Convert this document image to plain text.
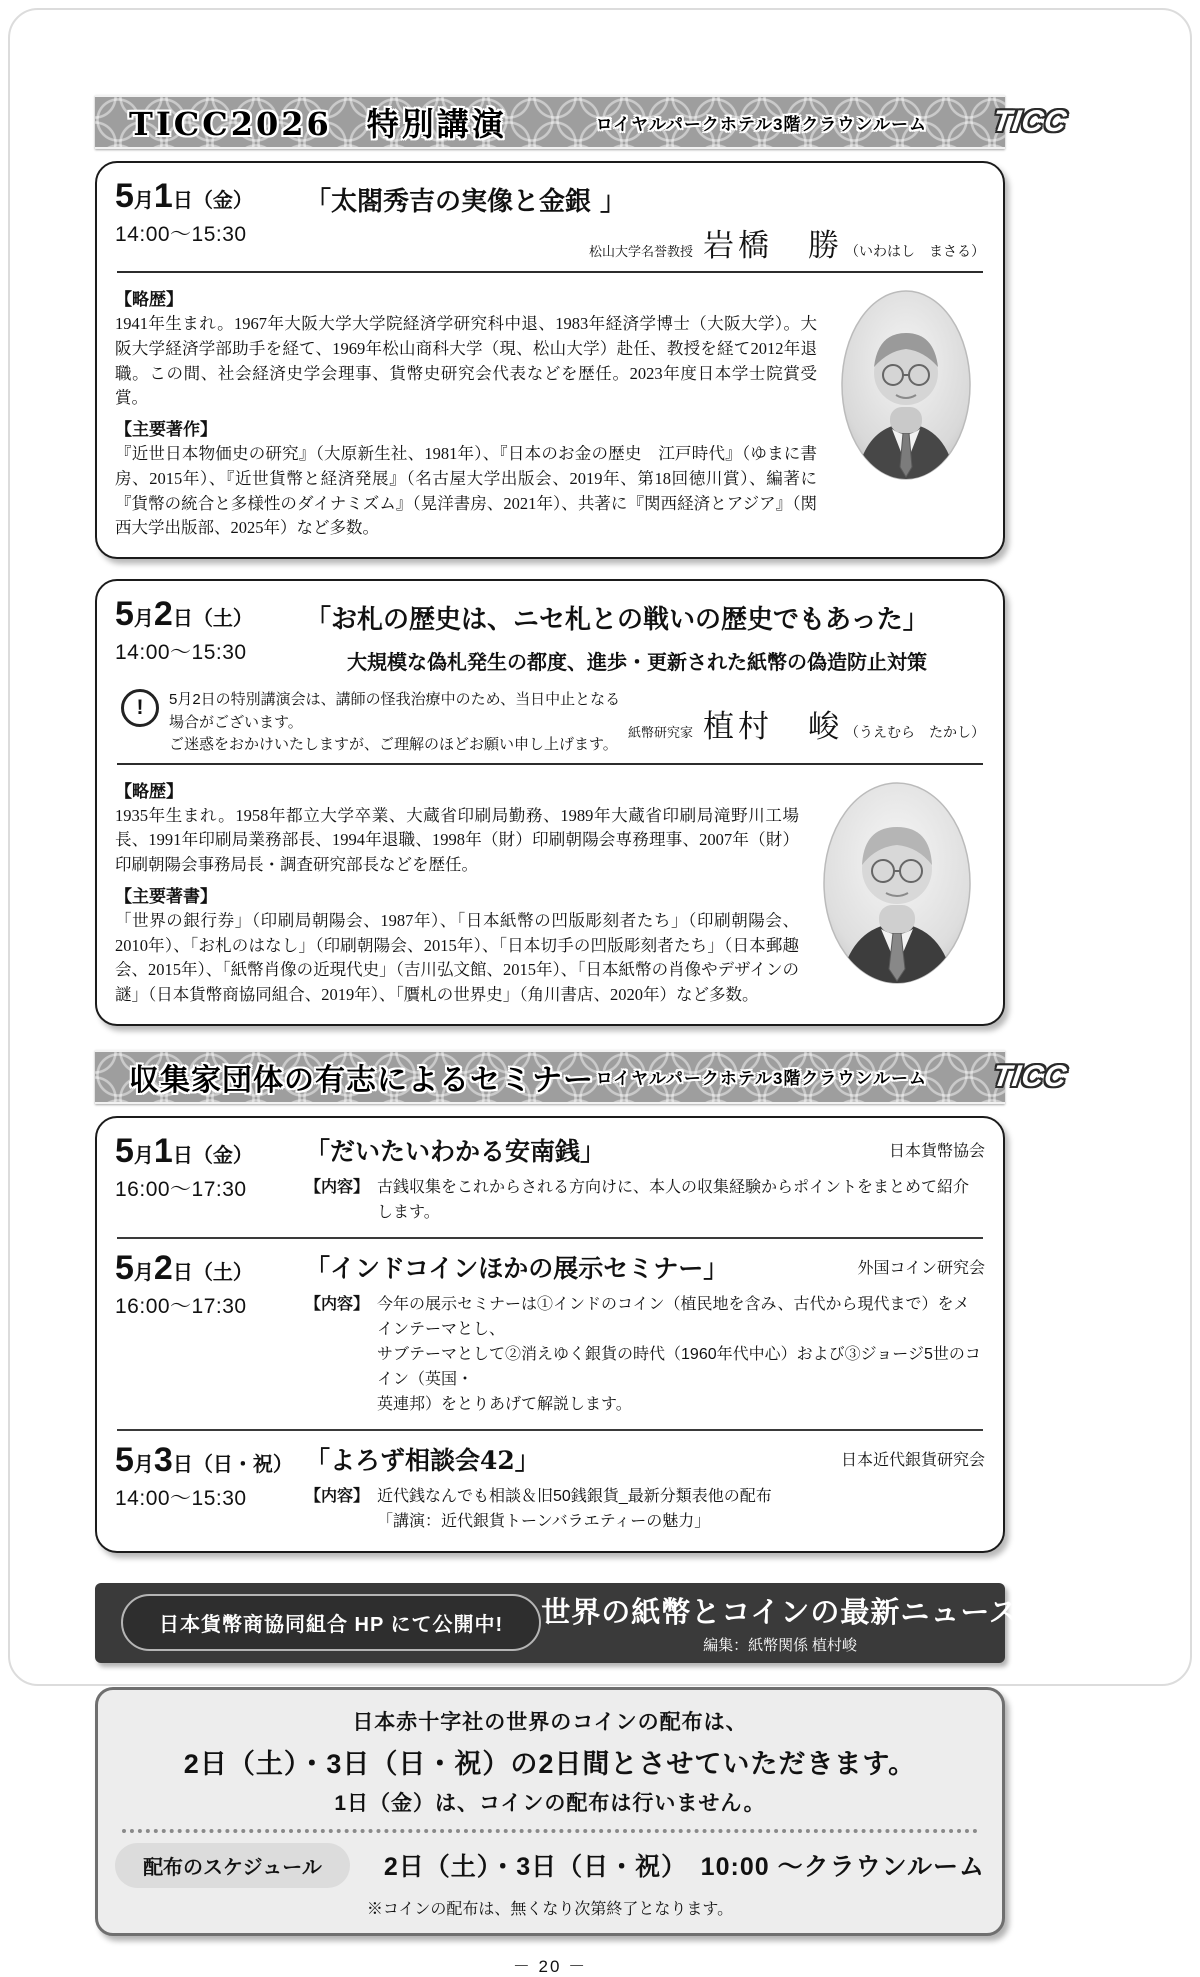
TICC2026　特別講演	ロイヤルパークホテル3階クラウンルーム TICC
5月1日（金）
14:00～15:30
「太閤秀吉の実像と金銀 」
松山大学名誉教授 岩橋　勝 （いわはし　まさる）
【略歴】

1941年生まれ。1967年大阪大学大学院経済学研究科中退、1983年経済学博士（大阪大学）。大阪大学経済学部助手を経て、1969年松山商科大学（現、松山大学）赴任、教授を経て2012年退職。この間、社会経済史学会理事、貨幣史研究会代表などを歴任。2023年度日本学士院賞受賞。

【主要著作】

『近世日本物価史の研究』（大原新生社、1981年）、『日本のお金の歴史　江戸時代』（ゆまに書房、2015年）、『近世貨幣と経済発展』（名古屋大学出版会、2019年、第18回徳川賞）、編著に『貨幣の統合と多様性のダイナミズム』（晃洋書房、2021年）、共著に『関西経済とアジア』（関西大学出版部、2025年）など多数。

5月2日（土）
14:00～15:30
「お札の歴史は、ニセ札との戦いの歴史でもあった」
大規模な偽札発生の都度、進歩・更新された紙幣の偽造防止対策
!	5月2日の特別講演会は、講師の怪我治療中のため、当日中止となる場合がございます。
ご迷惑をおかけいたしますが、ご理解のほどお願い申し上げます。
紙幣研究家 植村　峻 （うえむら　たかし）
【略歴】

1935年生まれ。1958年都立大学卒業、大蔵省印刷局勤務、1989年大蔵省印刷局滝野川工場長、1991年印刷局業務部長、1994年退職、1998年（財）印刷朝陽会専務理事、2007年（財）印刷朝陽会事務局長・調査研究部長などを歴任。

【主要著書】

「世界の銀行券」（印刷局朝陽会、1987年）、「日本紙幣の凹版彫刻者たち」（印刷朝陽会、2010年）、「お札のはなし」（印刷朝陽会、2015年）、「日本切手の凹版彫刻者たち」（日本郵趣会、2015年）、「紙幣肖像の近現代史」（吉川弘文館、2015年）、「日本紙幣の肖像やデザインの謎」（日本貨幣商協同組合、2019年）、「贋札の世界史」（角川書店、2020年）など多数。

収集家団体の有志によるセミナー ロイヤルパークホテル3階クラウンルーム TICC
5月1日（金）
16:00～17:30
「だいたいわかる安南銭」	日本貨幣協会
【内容】 古銭収集をこれからされる方向けに、本人の収集経験からポイントをまとめて紹介します。
5月2日（土）
16:00～17:30
「インドコインほかの展示セミナー」	外国コイン研究会
【内容】 今年の展示セミナーは①インドのコイン（植民地を含み、古代から現代まで）をメインテーマとし、
サブテーマとして②消えゆく銀貨の時代（1960年代中心）および③ジョージ5世のコイン（英国・
英連邦）をとりあげて解説します。
5月3日（日・祝）
14:00～15:30
「よろず相談会42」	日本近代銀貨研究会
【内容】 近代銭なんでも相談＆旧50銭銀貨_最新分類表他の配布
「講演：近代銀貨トーンバラエティーの魅力」
日本貨幣商協同組合 HP にて公開中!	世界の紙幣とコインの最新ニュース
編集：紙幣関係 植村峻
日本赤十字社の世界のコインの配布は、
2日（土）・3日（日・祝）の2日間とさせていただきます。
1日（金）は、コインの配布は行いません。
配布のスケジュール	2日（土）・3日（日・祝）　10:00 ～クラウンルーム
※コインの配布は、無くなり次第終了となります。
－ 20 －
